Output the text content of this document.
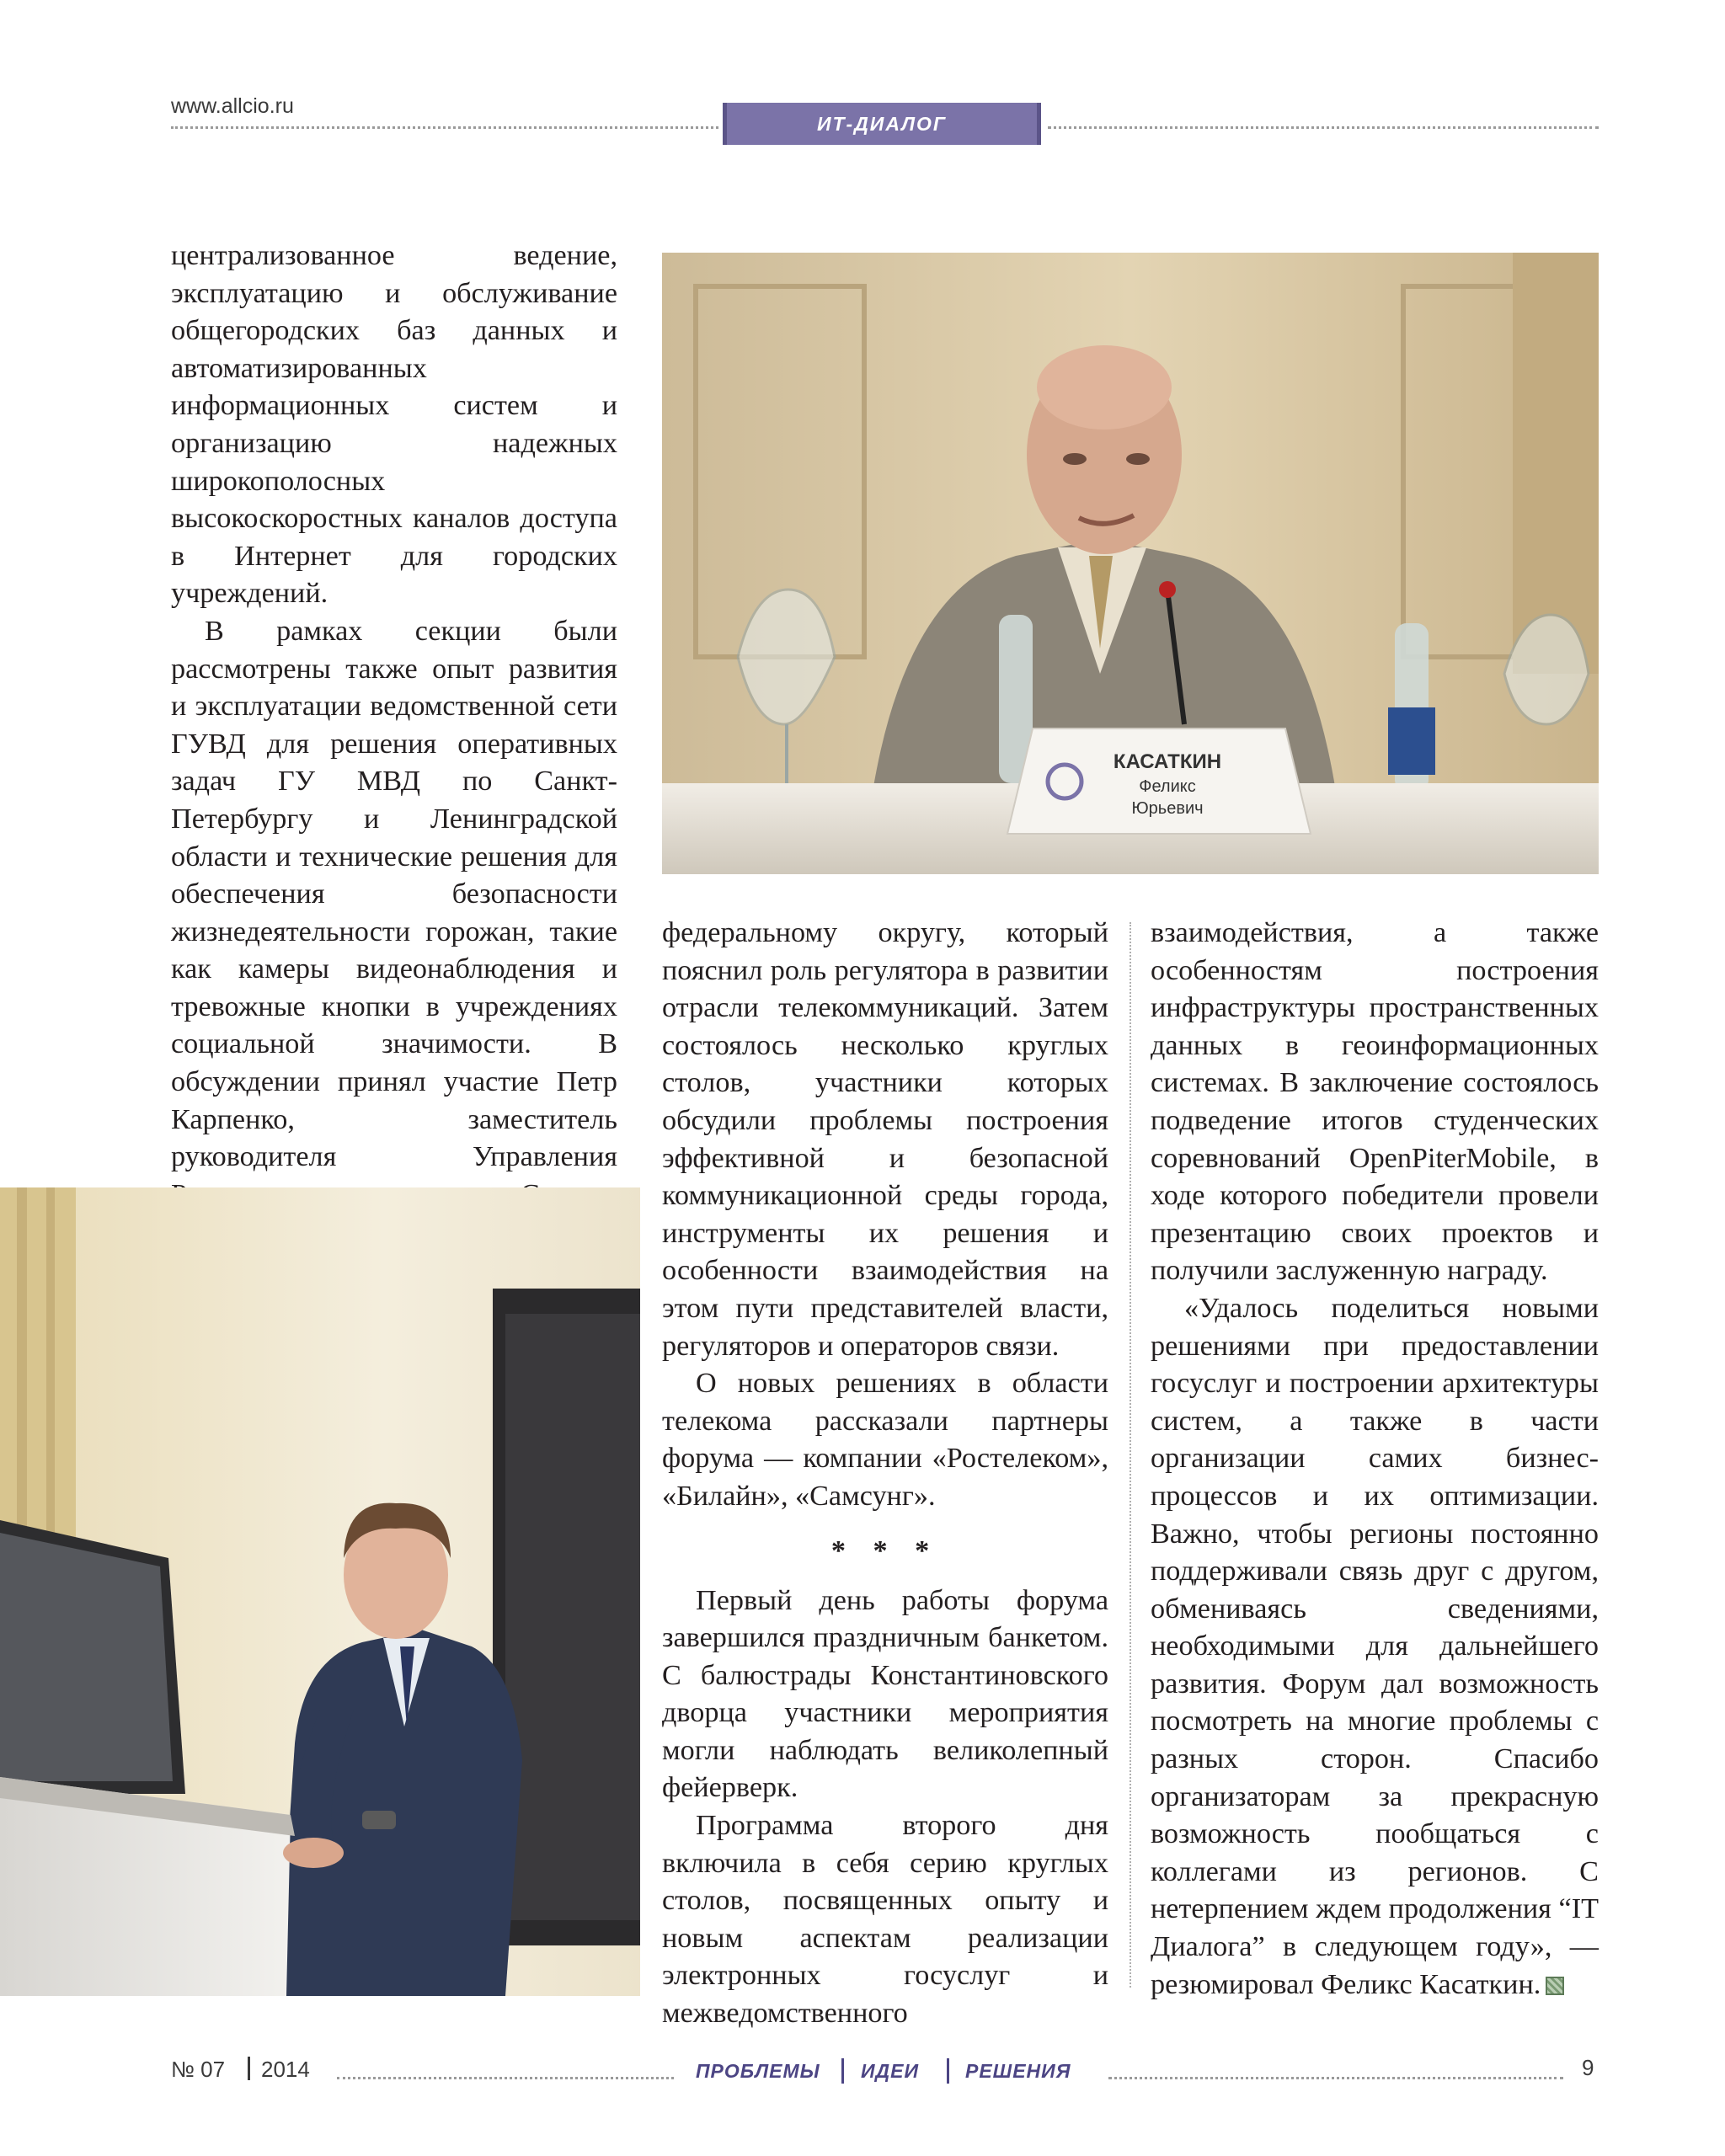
www.allcio.ru
ИТ-ДИАЛОГ

централизованное ведение, эксплуатацию и обслуживание общегородских баз данных и автоматизированных информационных систем и организацию надежных широкополосных высокоскоростных каналов доступа в Интернет для городских учреждений.

В рамках секции были рассмотрены также опыт развития и эксплуатации ведомственной сети ГУВД для решения оперативных задач ГУ МВД по Санкт-Петербургу и Ленинградской области и технические решения для обеспечения безопасности жизнедеятельности горожан, такие как камеры видеонаблюдения и тревожные кнопки в учреждениях социальной значимости. В обсуждении принял участие Петр Карпенко, заместитель руководителя Управления

КАСАТКИН
Феликс
Юрьевич

федеральному округу, который пояснил роль регулятора в развитии отрасли телекоммуникаций. Затем состоялось несколько круглых столов, участники которых обсудили проблемы построения эффективной и безопасной коммуникационной среды города, инструменты их решения и особенности взаимодействия на этом пути представителей власти, регуляторов и операторов связи.

О новых решениях в области телекома рассказали партнеры форума — компании «Ростелеком», «Билайн», «Самсунг».

* * *

Первый день работы форума завершился праздничным банкетом. С балюстрады Константиновского дворца участники мероприятия могли наблюдать великолепный фейерверк.

Программа второго дня включила в себя серию круглых столов, посвященных опыту и новым аспектам реализации электронных госуслуг и межведомственного

взаимодействия, а также особенностям построения инфраструктуры пространственных данных в геоинформационных системах. В заключение состоялось подведение итогов студенческих соревнований OpenPiterMobile, в ходе которого победители провели презентацию своих проектов и получили заслуженную награду.

«Удалось поделиться новыми решениями при предоставлении госуслуг и построении архитектуры систем, а также в части организации самих бизнес-процессов и их оптимизации. Важно, чтобы регионы постоянно поддерживали связь друг с другом, обмениваясь сведениями, необходимыми для дальнейшего развития. Форум дал возможность посмотреть на многие проблемы с разных сторон. Спасибо организаторам за прекрасную возможность пообщаться с коллегами из регионов. С нетерпением ждем продолжения “IT Диалога” в следующем году», — резюмировал Феликс Касаткин.

№ 07 2014	ПРОБЛЕМЫ ИДЕИ РЕШЕНИЯ	9
